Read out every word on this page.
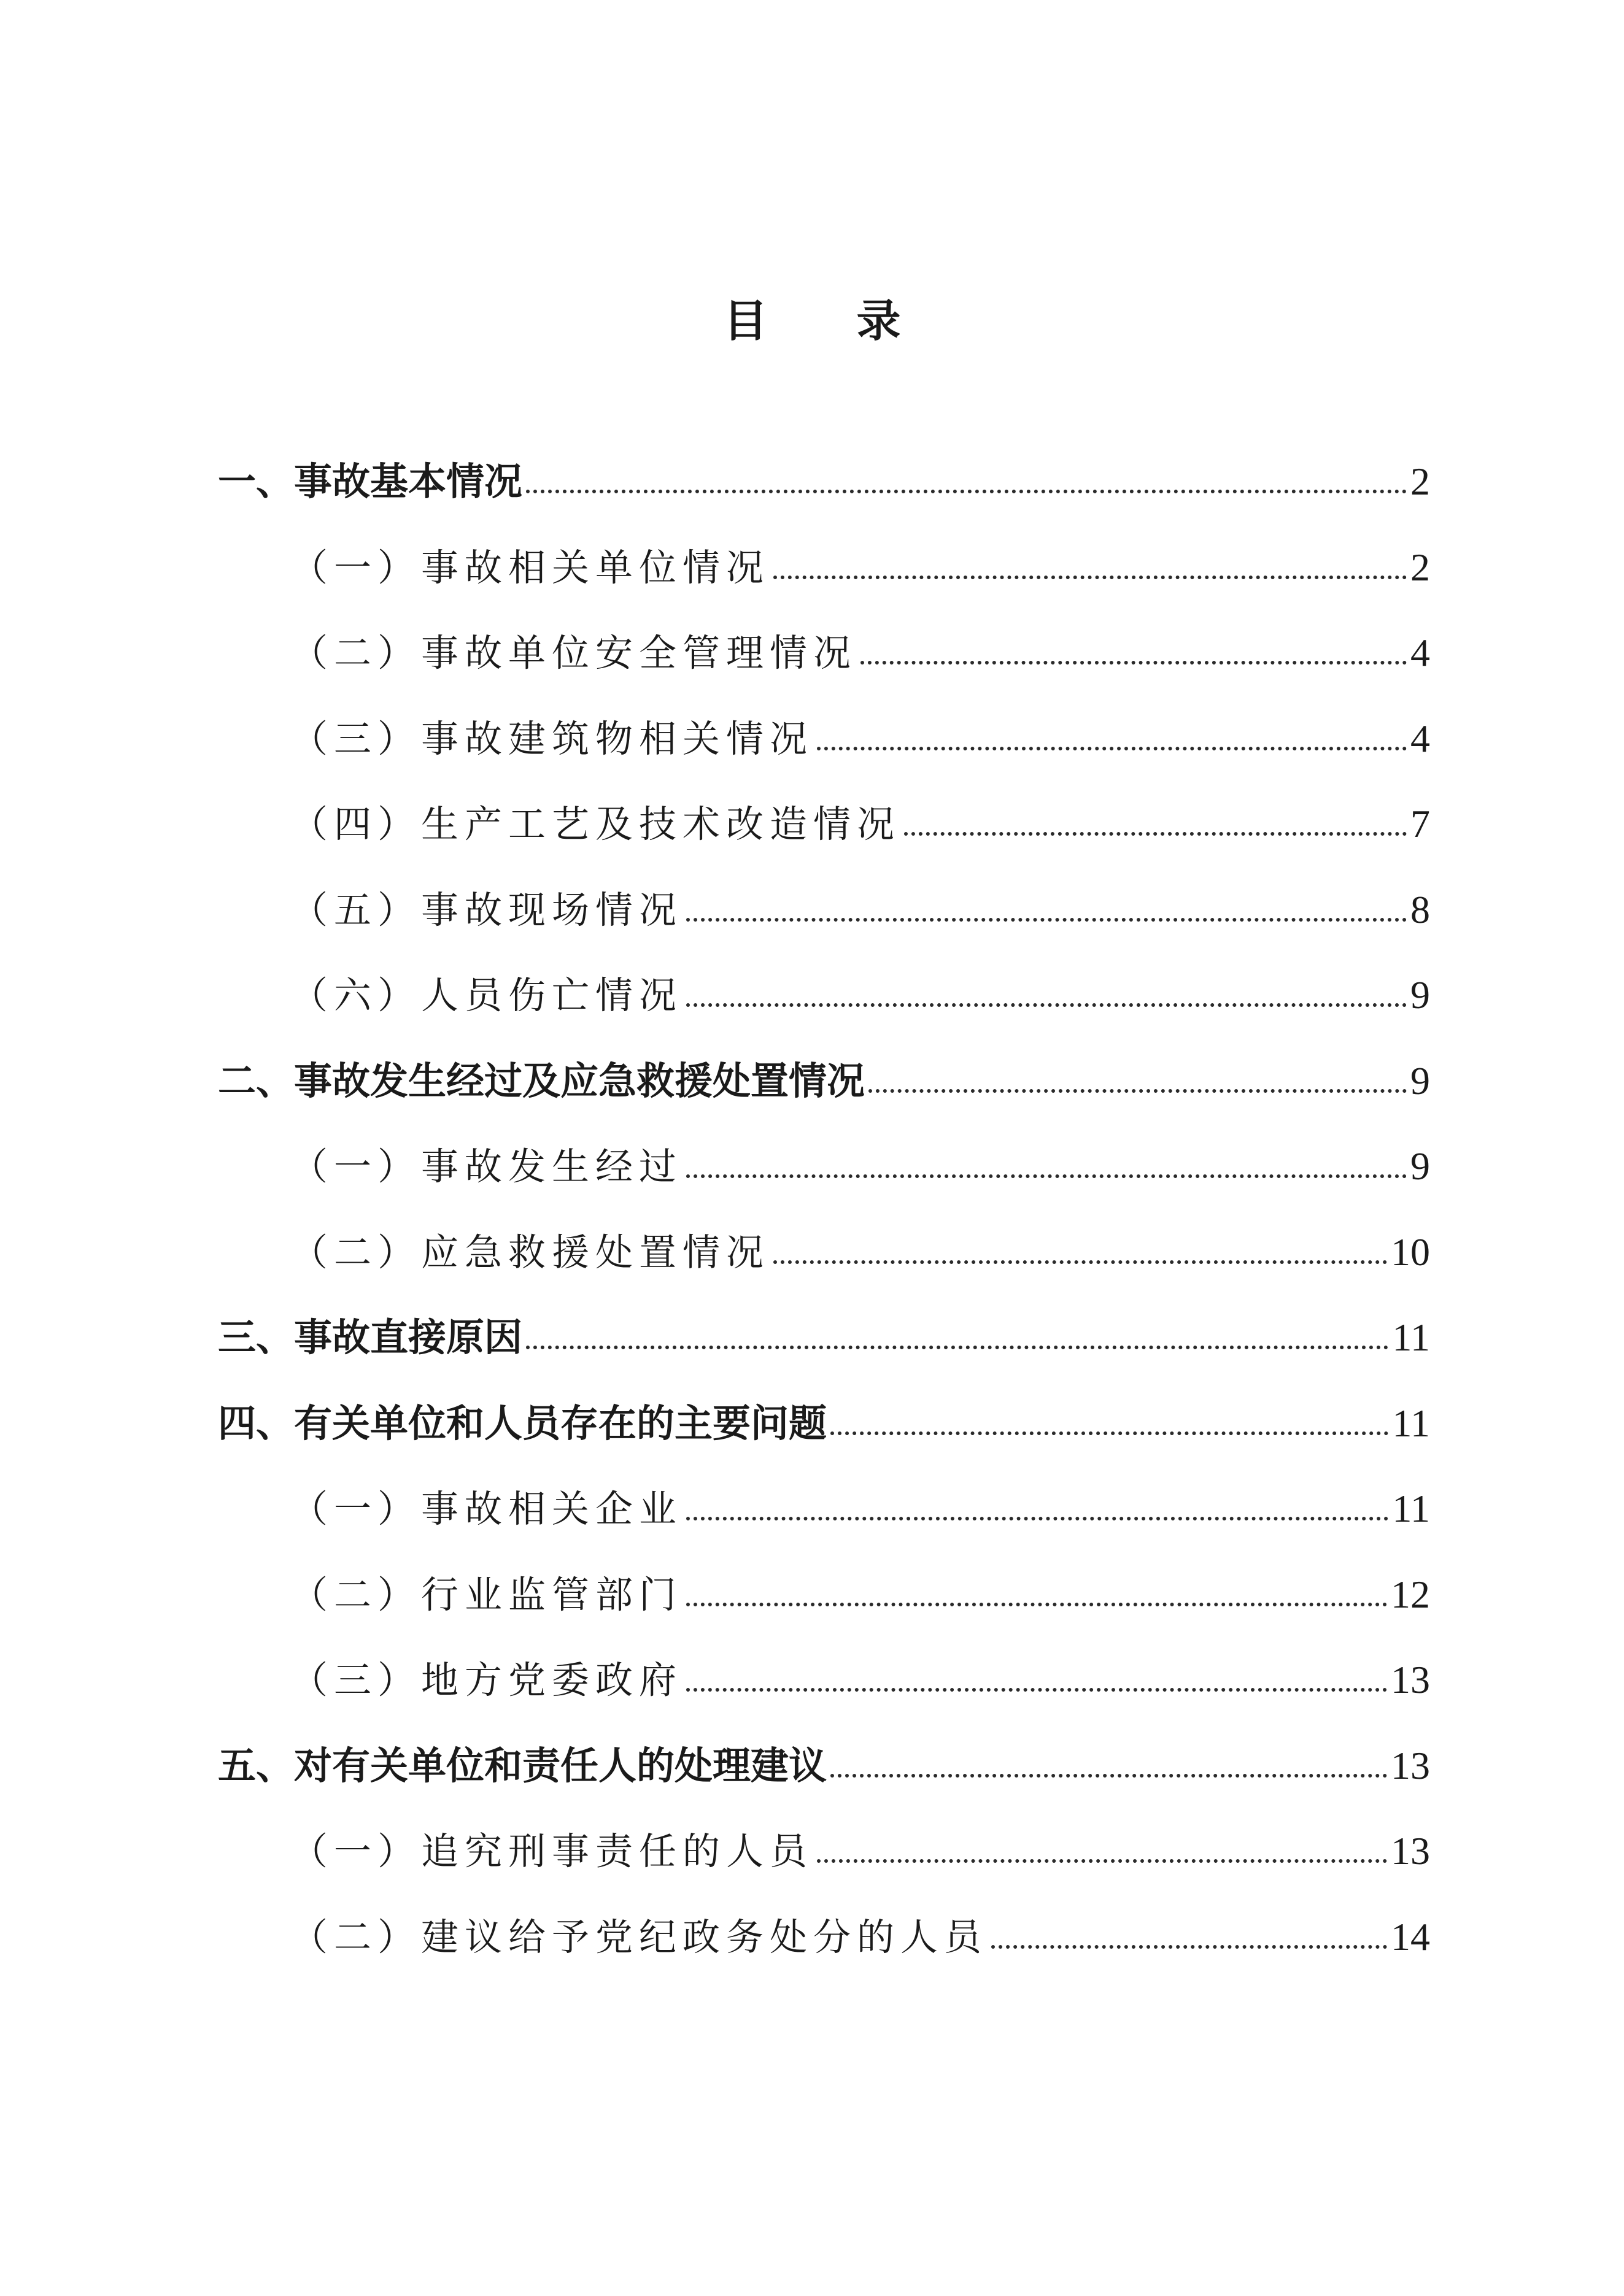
目 录
一、事故基本情况	2
（一）事故相关单位情况	2
（二）事故单位安全管理情况	4
（三）事故建筑物相关情况	4
（四）生产工艺及技术改造情况	7
（五）事故现场情况	8
（六）人员伤亡情况	9
二、事故发生经过及应急救援处置情况	9
（一）事故发生经过	9
（二）应急救援处置情况	10
三、事故直接原因	11
四、有关单位和人员存在的主要问题	11
（一）事故相关企业	11
（二）行业监管部门	12
（三）地方党委政府	13
五、对有关单位和责任人的处理建议	13
（一）追究刑事责任的人员	13
（二）建议给予党纪政务处分的人员	14
